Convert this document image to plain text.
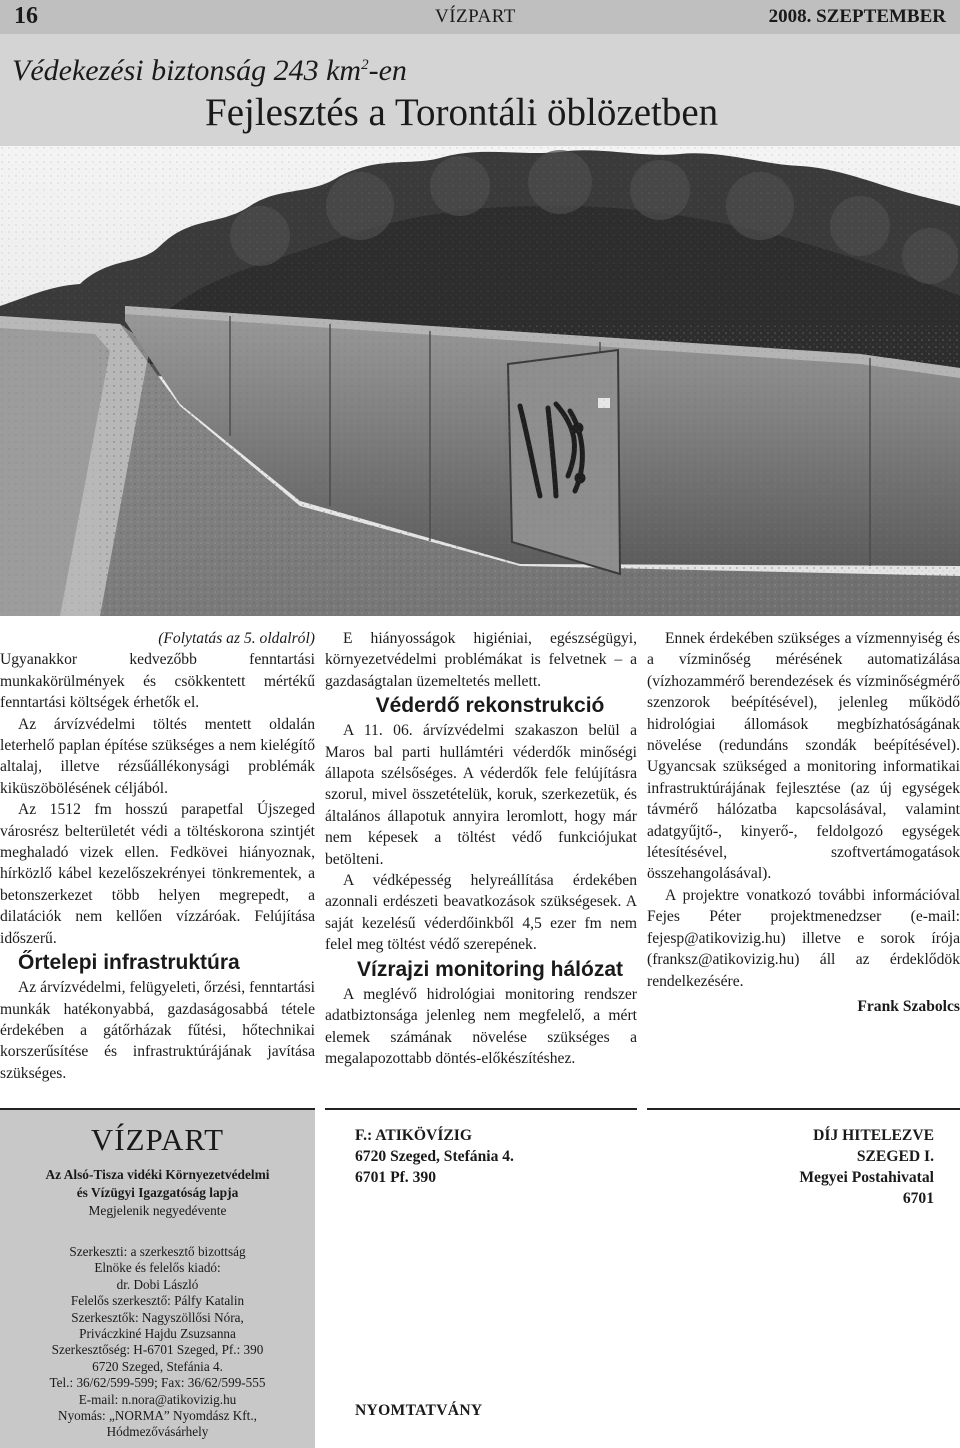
16	VÍZPART	2008. SZEPTEMBER
Védekezési biztonság 243 $km^2-en$
Fejlesztés a Torontáli öblözetben

(Folytatás az 5. oldalról)

Ugyanakkor kedvezőbb fenntartási munkakörülmények és csökkentett mértékű fenntartási költségek érhetők el.

Az árvízvédelmi töltés mentett oldalán leterhelő paplan építése szükséges a nem kielégítő altalaj, illetve rézsűállékonysági problémák kiküszöbölésének céljából.

Az 1512 fm hosszú parapetfal Újszeged városrész belterületét védi a töltéskorona szintjét meghaladó vizek ellen. Fedkövei hiányoznak, hírközlő kábel kezelőszekrényei tönkrementek, a betonszerkezet több helyen megrepedt, a dilatációk nem kellően vízzáróak. Felújítása időszerű.

Őrtelepi infrastruktúra

Az árvízvédelmi, felügyeleti, őrzési, fenntartási munkák hatékonyabbá, gazdaságosabbá tétele érdekében a gátőrházak fűtési, hőtechnikai korszerűsítése és infrastruktúrájának javítása szükséges.

E hiányosságok higiéniai, egészségügyi, környezetvédelmi problémákat is felvetnek – a gazdaságtalan üzemeltetés mellett.

Véderdő rekonstrukció

A 11. 06. árvízvédelmi szakaszon belül a Maros bal parti hullámtéri véderdők minőségi állapota szélsőséges. A véderdők fele felújításra szorul, mivel összetételük, koruk, szerkezetük, és általános állapotuk annyira leromlott, hogy már nem képesek a töltést védő funkciójukat betölteni.

A védképesség helyreállítása érdekében azonnali erdészeti beavatkozások szükségesek. A saját kezelésű véderdőinkből 4,5 ezer fm nem felel meg töltést védő szerepének.

Vízrajzi monitoring hálózat

A meglévő hidrológiai monitoring rendszer adatbiztonsága jelenleg nem megfelelő, a mért elemek számának növelése szükséges a megalapozottabb döntés-előkészítéshez.

Ennek érdekében szükséges a vízmennyiség és a vízminőség mérésének automatizálása (vízhozammérő berendezések és vízminőségmérő szenzorok beépítésével), jelenleg működő hidrológiai állomások megbízhatóságának növelése (redundáns szondák beépítésével). Ugyancsak szükséged a monitoring informatikai infrastruktúrájának fejlesztése (az új egységek távmérő hálózatba kapcsolásával, valamint adatgyűjtő-, kinyerő-, feldolgozó egységek létesítésével, szoftvertámogatások összehangolásával).

A projektre vonatkozó további információval Fejes Péter projektmenedzser (e-mail: fejesp@atikovizig.hu) illetve e sorok írója (franksz@atikovizig.hu) áll az érdeklődök rendelkezésére.

Frank Szabolcs

VÍZPART
Az Alsó-Tisza vidéki Környezetvédelmi
és Vízügyi Igazgatóság lapja
Megjelenik negyedévente
Szerkeszti: a szerkesztő bizottság
Elnöke és felelős kiadó:
dr. Dobi László
Felelős szerkesztő: Pálfy Katalin
Szerkesztők: Nagyszöllősi Nóra,
Priváczkiné Hajdu Zsuzsanna
Szerkesztőség: H-6701 Szeged, Pf.: 390
6720 Szeged, Stefánia 4.
Tel.: 36/62/599-599; Fax: 36/62/599-555
E-mail: n.nora@atikovizig.hu
Nyomás: „NORMA” Nyomdász Kft.,
Hódmezővásárhely
F.: ATIKÖVÍZIG
6720 Szeged, Stefánia 4.
6701 Pf. 390
DÍJ HITELEZVE
SZEGED I.
Megyei Postahivatal
6701
NYOMTATVÁNY
